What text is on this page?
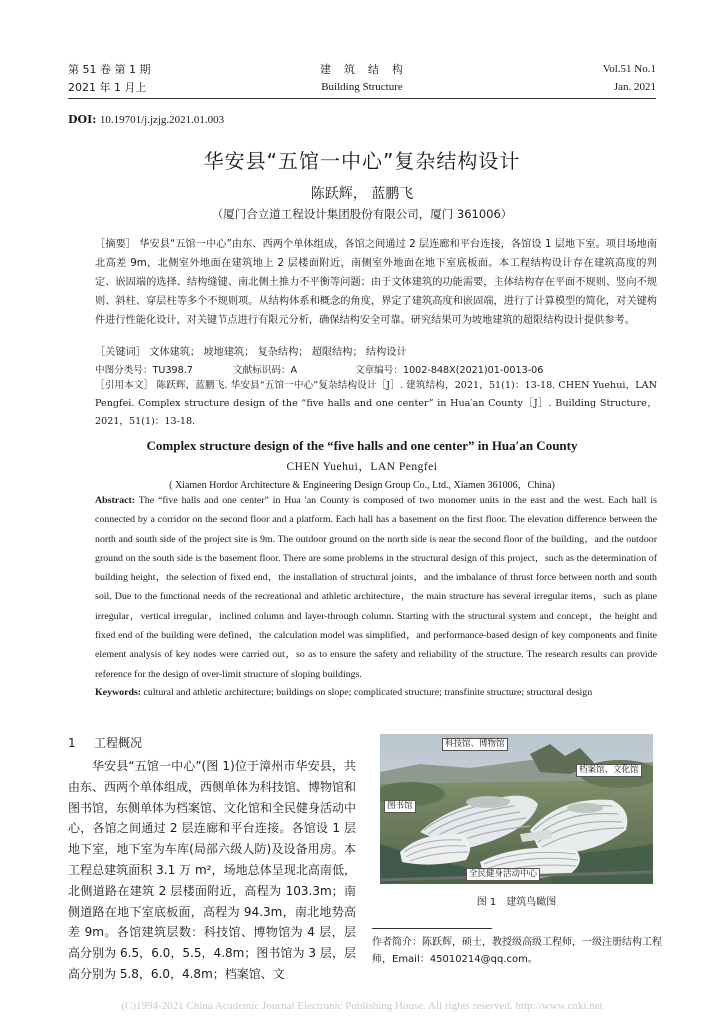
第 51 卷 第 1 期
2021 年 1 月上
建　筑　结　构
Building Structure
Vol.51 No.1
Jan. 2021
DOI: 10.19701/j.jzjg.2021.01.003
华安县“五馆一中心”复杂结构设计
陈跃辉， 蓝鹏飞
（厦门合立道工程设计集团股份有限公司，厦门 361006）
［摘要］ 华安县“五馆一中心”由东、西两个单体组成，各馆之间通过 2 层连廊和平台连接，各馆设 1 层地下室。项目场地南北高差 9m，北侧室外地面在建筑地上 2 层楼面附近，南侧室外地面在地下室底板面。本工程结构设计存在建筑高度的判定、嵌固端的选择、结构缝键、南北侧土推力不平衡等问题；由于文体建筑的功能需要，主体结构存在平面不规则、竖向不规则、斜柱、穿层柱等多个不规则项。从结构体系和概念的角度，界定了建筑高度和嵌固端，进行了计算模型的简化，对关键构件进行性能化设计，对关键节点进行有限元分析，确保结构安全可靠。研究结果可为坡地建筑的超限结构设计提供参考。
［关键词］ 文体建筑； 坡地建筑； 复杂结构； 超限结构； 结构设计
中图分类号：TU398.7	文献标识码：A	文章编号：1002-848X(2021)01-0013-06
［引用本文］ 陈跃辉，蓝鹏飞. 华安县“五馆一中心”复杂结构设计［J］. 建筑结构，2021，51(1)：13-18. CHEN Yuehui，LAN Pengfei. Complex structure design of the “five halls and one center” in Hua′an County［J］. Building Structure，2021，51(1)：13-18.
Complex structure design of the “five halls and one center” in Hua′an County
CHEN Yuehui，LAN Pengfei
( Xiamen Hordor Architecture & Engineering Design Group Co., Ltd., Xiamen 361006，China)
Abstract: The “five halls and one center” in Hua ′an County is composed of two monomer units in the east and the west. Each hall is connected by a corridor on the second floor and a platform. Each hall has a basement on the first floor. The elevation difference between the north and south side of the project site is 9m. The outdoor ground on the north side is near the second floor of the building，and the outdoor ground on the south side is the basement floor. There are some problems in the structural design of this project，such as the determination of building height，the selection of fixed end，the installation of structural joints，and the imbalance of thrust force between north and south soil. Due to the functional needs of the recreational and athletic architecture，the main structure has several irregular items，such as plane irregular，vertical irregular，inclined column and layer-through column. Starting with the structural system and concept，the height and fixed end of the building were defined，the calculation model was simplified，and performance-based design of key components and finite element analysis of key nodes were carried out，so as to ensure the safety and reliability of the structure. The research results can provide reference for the design of over-limit structure of sloping buildings.
Keywords: cultural and athletic architecture; buildings on slope; complicated structure; transfinite structure; structural design
1 工程概况
华安县“五馆一中心”(图 1)位于漳州市华安县，共由东、西两个单体组成，西侧单体为科技馆、博物馆和图书馆，东侧单体为档案馆、文化馆和全民健身活动中心，各馆之间通过 2 层连廊和平台连接。各馆设 1 层地下室，地下室为车库(局部六级人防)及设备用房。本工程总建筑面积 3.1 万 m²，场地总体呈现北高南低，北侧道路在建筑 2 层楼面附近，高程为 103.3m；南侧道路在地下室底板面，高程为 94.3m，南北地势高差 9m。各馆建筑层数：科技馆、博物馆为 4 层，层高分别为 6.5，6.0，5.5，4.8m；图书馆为 3 层，层高分别为 5.8，6.0，4.8m；档案馆、文
科技馆、博物馆
档案馆、文化馆
图书馆
全民健身活动中心
图 1　建筑鸟瞰图
作者简介：陈跃辉，硕士，教授级高级工程师，一级注册结构工程师，Email：45010214@qq.com。
(C)1994-2021 China Academic Journal Electronic Publishing House. All rights reserved. http://www.cnki.net
